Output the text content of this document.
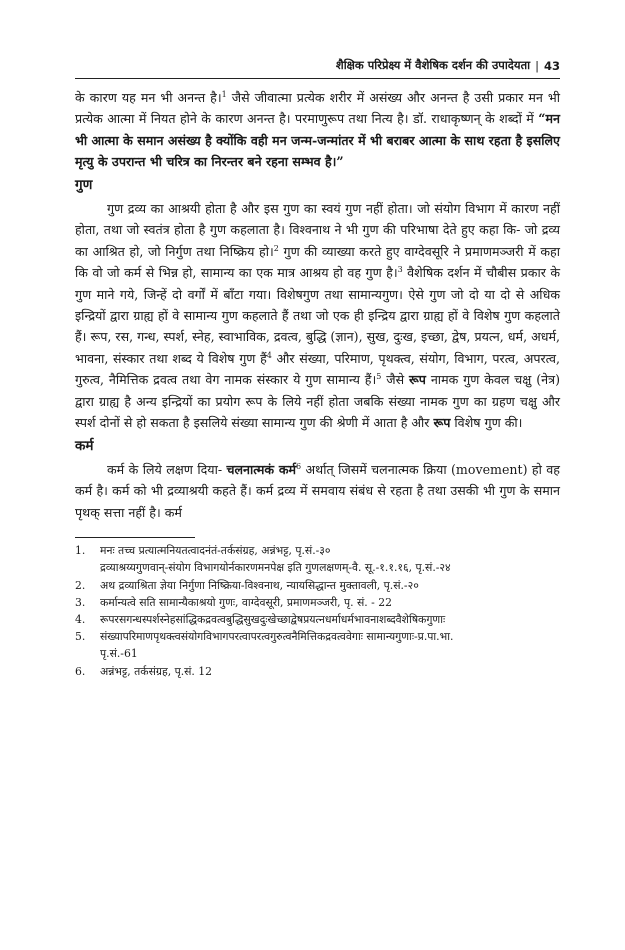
शैक्षिक परिप्रेक्ष्य में वैशेषिक दर्शन की उपादेयता | 43

के कारण यह मन भी अनन्त है।$^1$ जैसे जीवात्मा प्रत्येक शरीर में असंख्य और अनन्त है उसी प्रकार मन भी प्रत्येक आत्मा में नियत होने के कारण अनन्त है। परमाणुरूप तथा नित्य है। डॉ. राधाकृष्णन् के शब्दों में “मन भी आत्मा के समान असंख्य है क्योंकि वही मन जन्म-जन्मांतर में भी बराबर आत्मा के साथ रहता है इसलिए मृत्यु के उपरान्त भी चरित्र का निरन्तर बने रहना सम्भव है।”

गुण

गुण द्रव्य का आश्रयी होता है और इस गुण का स्वयं गुण नहीं होता। जो संयोग विभाग में कारण नहीं होता, तथा जो स्वतंत्र होता है गुण कहलाता है। विश्वनाथ ने भी गुण की परिभाषा देते हुए कहा कि- जो द्रव्य का आश्रित हो, जो निर्गुण तथा निष्क्रिय हो।$^2$ गुण की व्याख्या करते हुए वाग्देवसूरि ने प्रमाणमञ्जरी में कहा कि वो जो कर्म से भिन्न हो, सामान्य का एक मात्र आश्रय हो वह गुण है।$^3$ वैशेषिक दर्शन में चौबीस प्रकार के गुण माने गये, जिन्हें दो वर्गों में बाँटा गया। विशेषगुण तथा सामान्यगुण। ऐसे गुण जो दो या दो से अधिक इन्द्रियों द्वारा ग्राह्य हों वे सामान्य गुण कहलाते हैं तथा जो एक ही इन्द्रिय द्वारा ग्राह्य हों वे विशेष गुण कहलाते हैं। रूप, रस, गन्ध, स्पर्श, स्नेह, स्वाभाविक, द्रवत्व, बुद्धि (ज्ञान), सुख, दुःख, इच्छा, द्वेष, प्रयत्न, धर्म, अधर्म, भावना, संस्कार तथा शब्द ये विशेष गुण हैं$^4$ और संख्या, परिमाण, पृथक्त्व, संयोग, विभाग, परत्व, अपरत्व, गुरुत्व, नैमित्तिक द्रवत्व तथा वेग नामक संस्कार ये गुण सामान्य हैं।$^5$ जैसे रूप नामक गुण केवल चक्षु (नेत्र) द्वारा ग्राह्य है अन्य इन्द्रियों का प्रयोग रूप के लिये नहीं होता जबकि संख्या नामक गुण का ग्रहण चक्षु और स्पर्श दोनों से हो सकता है इसलिये संख्या सामान्य गुण की श्रेणी में आता है और रूप विशेष गुण की।

कर्म

कर्म के लिये लक्षण दिया- चलनात्मकं कर्म$^6$ अर्थात् जिसमें चलनात्मक क्रिया (movement) हो वह कर्म है। कर्म को भी द्रव्याश्रयी कहते हैं। कर्म द्रव्य में समवाय संबंध से रहता है तथा उसकी भी गुण के समान पृथक् सत्ता नहीं है। कर्म

1.	मनः तच्च प्रत्यात्मनियतत्वादनंतं-तर्कसंग्रह, अन्नंभट्ट, पृ.सं.-३०
द्रव्याश्रय्यगुणवान्-संयोग विभागयोर्नकारणमनपेक्ष इति गुणलक्षणम्-वै. सू.-१.१.१६, पृ.सं.-२४
2.	अथ द्रव्याश्रिता ज्ञेया निर्गुणा निष्क्रिया-विश्वनाथ, न्यायसिद्धान्त मुक्तावली, पृ.सं.-२०
3.	कर्मान्यत्वे सति सामान्यैकाश्रयो गुणः, वाग्देवसूरी, प्रमाणमञ्जरी, पृ. सं. - 22
4.	रूपरसगन्धस्पर्शस्नेहसांद्धिकद्रवत्वबुद्धिसुखदुःखेच्छाद्वेषप्रयत्नधर्माधर्मभावनाशब्दवैशेषिकगुणाः
5.	संख्यापरिमाणपृथक्त्वसंयोगविभागपरत्वापरत्वगुरुत्वनैमित्तिकद्रवत्ववेगाः सामान्यगुणाः-प्र.पा.भा.
पृ.सं.-61
6.	अन्नंभट्ट, तर्कसंग्रह, पृ.सं. 12
